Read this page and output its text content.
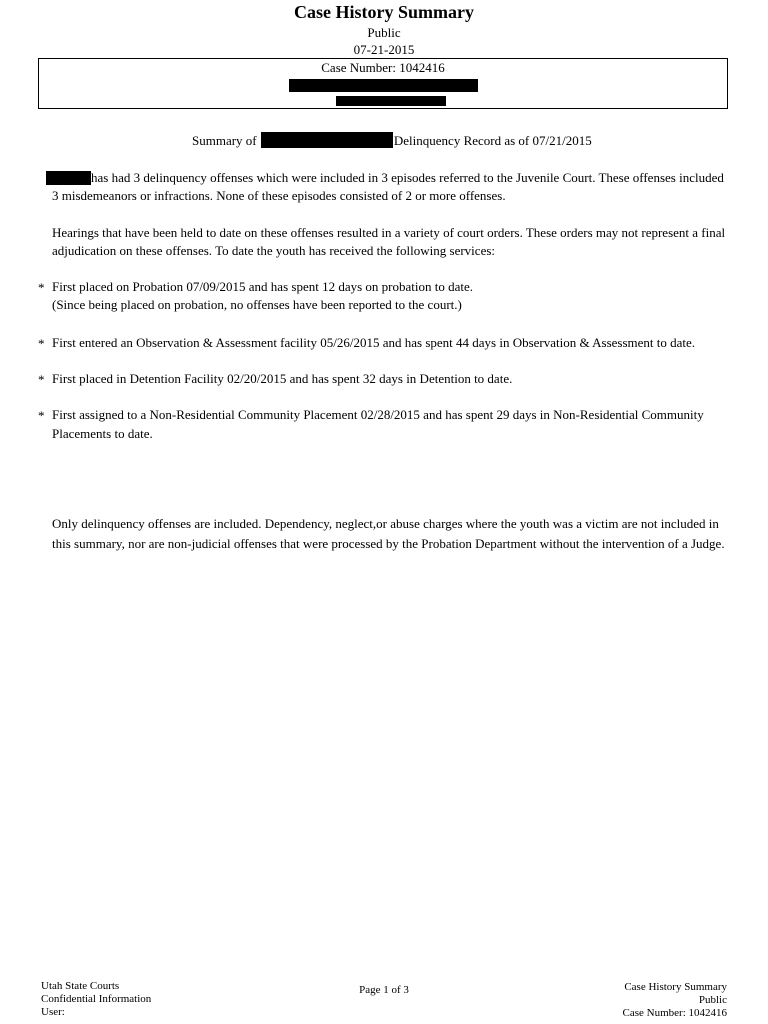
Case History Summary
Public
07-21-2015
Case Number: 1042416
Summary of	Delinquency Record as of 07/21/2015
has had 3 delinquency offenses which were included in 3 episodes referred to the Juvenile Court. These offenses included
3 misdemeanors or infractions. None of these episodes consisted of 2 or more offenses.
Hearings that have been held to date on these offenses resulted in a variety of court orders. These orders may not represent a final
adjudication on these offenses. To date the youth has received the following services:
* First placed on Probation 07/09/2015 and has spent 12 days on probation to date.
(Since being placed on probation, no offenses have been reported to the court.)
* First entered an Observation & Assessment facility 05/26/2015 and has spent 44 days in Observation & Assessment to date.
* First placed in Detention Facility 02/20/2015 and has spent 32 days in Detention to date.
* First assigned to a Non-Residential Community Placement 02/28/2015 and has spent 29 days in Non-Residential Community
Placements to date.
Only delinquency offenses are included. Dependency, neglect,or abuse charges where the youth was a victim are not included in
this summary, nor are non-judicial offenses that were processed by the Probation Department without the intervention of a Judge.
Utah State Courts
Confidential Information
User:
Page 1 of 3	Case History Summary
Public
Case Number: 1042416
